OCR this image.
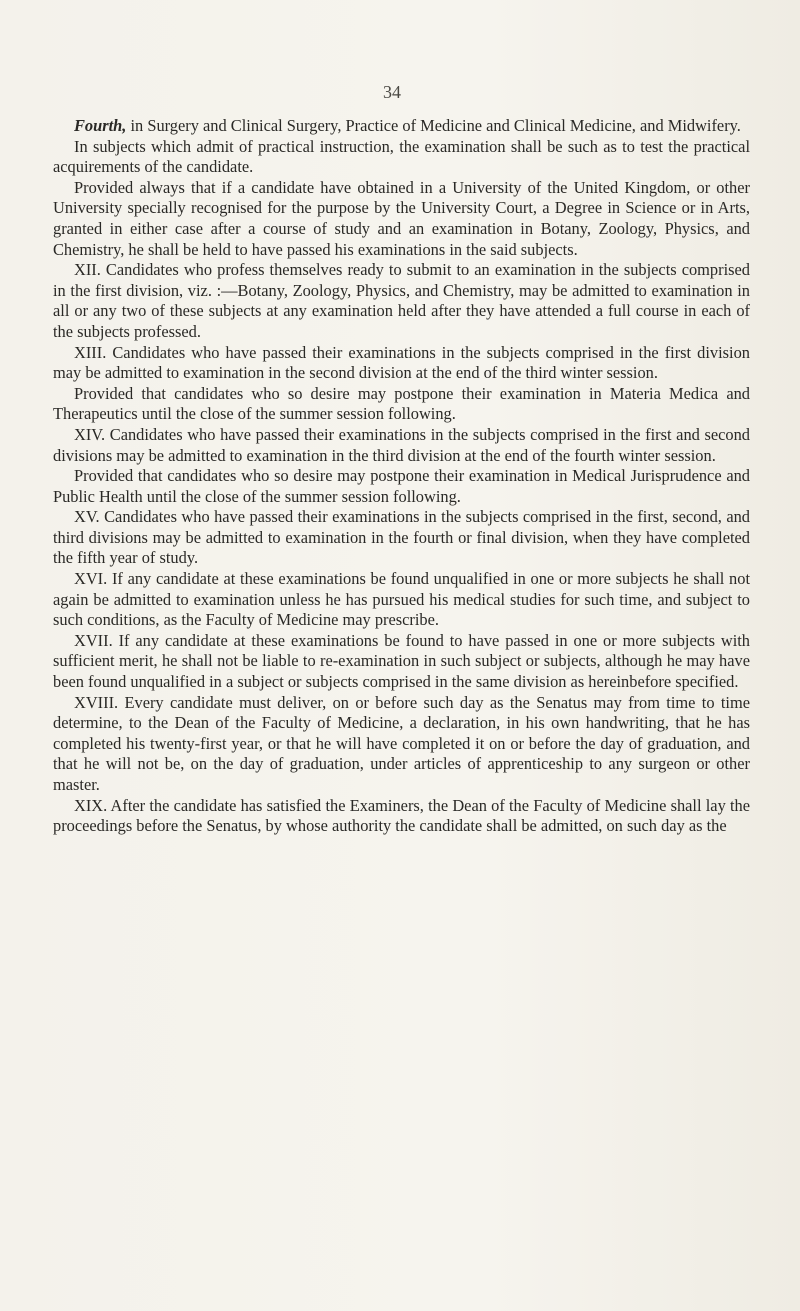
34

Fourth, in Surgery and Clinical Surgery, Practice of Medicine and Clinical Medicine, and Midwifery.

In subjects which admit of practical instruction, the examination shall be such as to test the practical acquirements of the candidate.

Provided always that if a candidate have obtained in a University of the United Kingdom, or other University specially recognised for the purpose by the University Court, a Degree in Science or in Arts, granted in either case after a course of study and an examination in Botany, Zoology, Physics, and Chemistry, he shall be held to have passed his examinations in the said subjects.

XII. Candidates who profess themselves ready to submit to an examination in the subjects comprised in the first division, viz. :—Botany, Zoology, Physics, and Chemistry, may be admitted to examination in all or any two of these subjects at any examination held after they have attended a full course in each of the subjects professed.

XIII. Candidates who have passed their examinations in the subjects comprised in the first division may be admitted to examination in the second division at the end of the third winter session.

Provided that candidates who so desire may postpone their examination in Materia Medica and Therapeutics until the close of the summer session following.

XIV. Candidates who have passed their examinations in the subjects comprised in the first and second divisions may be admitted to examination in the third division at the end of the fourth winter session.

Provided that candidates who so desire may postpone their examination in Medical Jurisprudence and Public Health until the close of the summer session following.

XV. Candidates who have passed their examinations in the subjects comprised in the first, second, and third divisions may be admitted to examination in the fourth or final division, when they have completed the fifth year of study.

XVI. If any candidate at these examinations be found unqualified in one or more subjects he shall not again be admitted to examination unless he has pursued his medical studies for such time, and subject to such conditions, as the Faculty of Medicine may prescribe.

XVII. If any candidate at these examinations be found to have passed in one or more subjects with sufficient merit, he shall not be liable to re-examination in such subject or subjects, although he may have been found unqualified in a subject or subjects comprised in the same division as hereinbefore specified.

XVIII. Every candidate must deliver, on or before such day as the Senatus may from time to time determine, to the Dean of the Faculty of Medicine, a declaration, in his own handwriting, that he has completed his twenty-first year, or that he will have completed it on or before the day of graduation, and that he will not be, on the day of graduation, under articles of apprenticeship to any surgeon or other master.

XIX. After the candidate has satisfied the Examiners, the Dean of the Faculty of Medicine shall lay the proceedings before the Senatus, by whose authority the candidate shall be admitted, on such day as the
